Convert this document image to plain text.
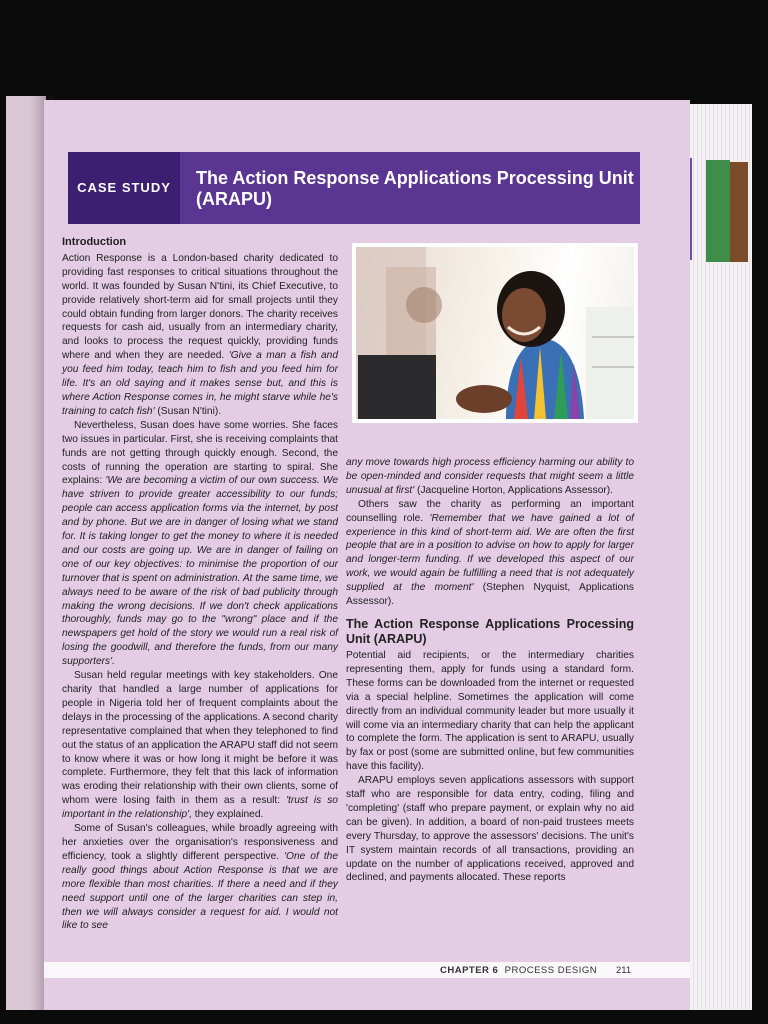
CASE STUDY	The Action Response Applications Processing Unit (ARAPU)
Introduction

Action Response is a London-based charity dedicated to providing fast responses to critical situations throughout the world. It was founded by Susan N'tini, its Chief Executive, to provide relatively short-term aid for small projects until they could obtain funding from larger donors. The charity receives requests for cash aid, usually from an intermediary charity, and looks to process the request quickly, providing funds where and when they are needed. 'Give a man a fish and you feed him today, teach him to fish and you feed him for life. It's an old saying and it makes sense but, and this is where Action Response comes in, he might starve while he's training to catch fish' (Susan N'tini).

Nevertheless, Susan does have some worries. She faces two issues in particular. First, she is receiving complaints that funds are not getting through quickly enough. Second, the costs of running the operation are starting to spiral. She explains: 'We are becoming a victim of our own success. We have striven to provide greater accessibility to our funds; people can access application forms via the internet, by post and by phone. But we are in danger of losing what we stand for. It is taking longer to get the money to where it is needed and our costs are going up. We are in danger of failing on one of our key objectives: to minimise the proportion of our turnover that is spent on administration. At the same time, we always need to be aware of the risk of bad publicity through making the wrong decisions. If we don't check applications thoroughly, funds may go to the "wrong" place and if the newspapers get hold of the story we would run a real risk of losing the goodwill, and therefore the funds, from our many supporters'.

Susan held regular meetings with key stakeholders. One charity that handled a large number of applications for people in Nigeria told her of frequent complaints about the delays in the processing of the applications. A second charity representative complained that when they telephoned to find out the status of an application the ARAPU staff did not seem to know where it was or how long it might be before it was complete. Furthermore, they felt that this lack of information was eroding their relationship with their own clients, some of whom were losing faith in them as a result: 'trust is so important in the relationship', they explained.

Some of Susan's colleagues, while broadly agreeing with her anxieties over the organisation's responsiveness and efficiency, took a slightly different perspective. 'One of the really good things about Action Response is that we are more flexible than most charities. If there a need and if they need support until one of the larger charities can step in, then we will always consider a request for aid. I would not like to see

any move towards high process efficiency harming our ability to be open-minded and consider requests that might seem a little unusual at first' (Jacqueline Horton, Applications Assessor).

Others saw the charity as performing an important counselling role. 'Remember that we have gained a lot of experience in this kind of short-term aid. We are often the first people that are in a position to advise on how to apply for larger and longer-term funding. If we developed this aspect of our work, we would again be fulfilling a need that is not adequately supplied at the moment' (Stephen Nyquist, Applications Assessor).

The Action Response Applications Processing Unit (ARAPU)

Potential aid recipients, or the intermediary charities representing them, apply for funds using a standard form. These forms can be downloaded from the internet or requested via a special helpline. Sometimes the application will come directly from an individual community leader but more usually it will come via an intermediary charity that can help the applicant to complete the form. The application is sent to ARAPU, usually by fax or post (some are submitted online, but few communities have this facility).

ARAPU employs seven applications assessors with support staff who are responsible for data entry, coding, filing and 'completing' (staff who prepare payment, or explain why no aid can be given). In addition, a board of non-paid trustees meets every Thursday, to approve the assessors' decisions. The unit's IT system maintain records of all transactions, providing an update on the number of applications received, approved and declined, and payments allocated. These reports

CHAPTER 6 PROCESS DESIGN 211
